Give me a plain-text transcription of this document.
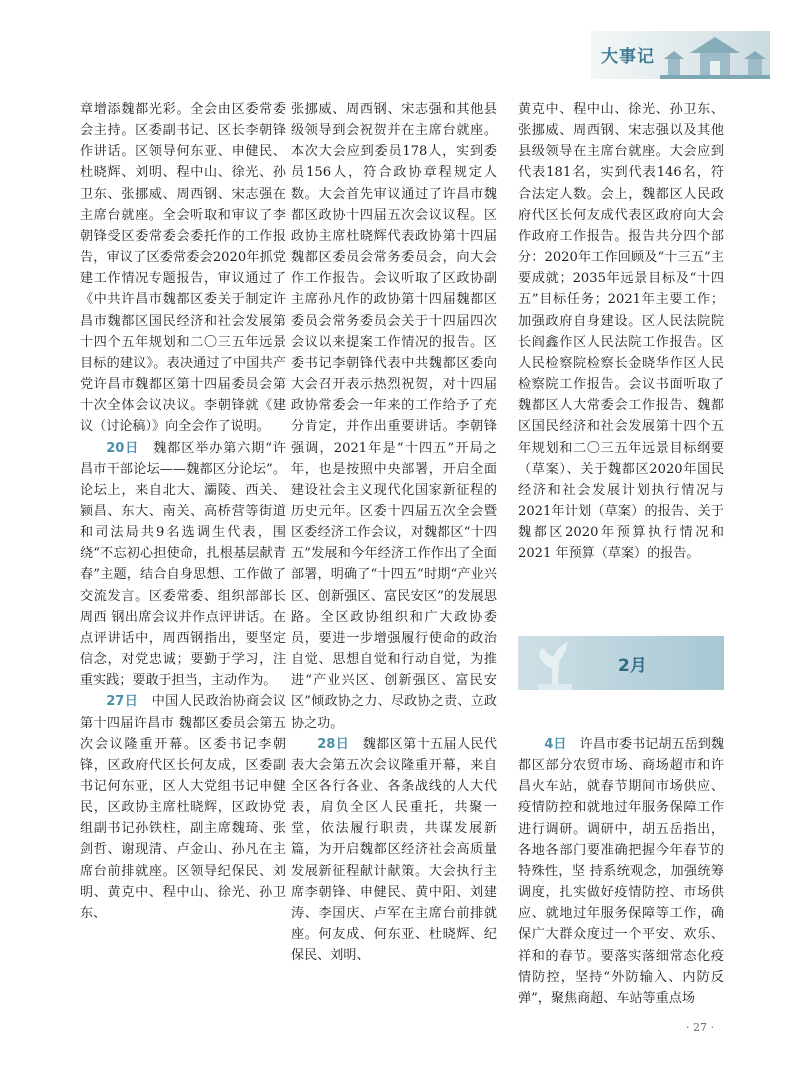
大事记

章增添魏都光彩。全会由区委常委会主持。区委副书记、区长李朝锋作讲话。区领导何东亚、申健民、杜晓辉、刘明、程中山、徐光、孙卫东、张挪威、周西钢、宋志强在主席台就座。全会听取和审议了李朝锋受区委常委会委托作的工作报告，审议了区委常委会2020年抓党建工作情况专题报告，审议通过了《中共许昌市魏都区委关于制定许昌市魏都区国民经济和社会发展第十四个五年规划和二〇三五年远景目标的建议》。表决通过了中国共产党许昌市魏都区第十四届委员会第十次全体会议决议。李朝锋就《建议（讨论稿）》向全会作了说明。

20日　魏都区举办第六期“许昌市干部论坛——魏都区分论坛”。论坛上，来自北大、灞陵、西关、颍昌、东大、南关、高桥营等街道和司法局共9名选调生代表，围绕“不忘初心担使命，扎根基层献青春”主题，结合自身思想、工作做了交流发言。区委常委、组织部部长周西 钢出席会议并作点评讲话。在点评讲话中，周西钢指出，要坚定信念，对党忠诚；要勤于学习，注重实践；要敢于担当，主动作为。

27日　中国人民政治协商会议第十四届许昌市 魏都区委员会第五次会议隆重开幕。区委书记李朝锋，区政府代区长何友成，区委副书记何东亚，区人大党组书记申健民，区政协主席杜晓辉，区政协党组副书记孙铁柱，副主席魏琦、张剑哲、谢现清、卢金山、孙凡在主席台前排就座。区领导纪保民、刘明、黄克中、程中山、徐光、孙卫东、

张挪威、周西钢、宋志强和其他县级领导到会祝贺并在主席台就座。本次大会应到委员178人，实到委员156人，符合政协章程规定人数。大会首先审议通过了许昌市魏都区政协十四届五次会议议程。区政协主席杜晓辉代表政协第十四届魏都区委员会常务委员会，向大会作工作报告。会议听取了区政协副主席孙凡作的政协第十四届魏都区委员会常务委员会关于十四届四次会议以来提案工作情况的报告。区委书记李朝锋代表中共魏都区委向大会召开表示热烈祝贺，对十四届政协常委会一年来的工作给予了充分肯定，并作出重要讲话。李朝锋强调，2021年是“十四五”开局之年，也是按照中央部署，开启全面建设社会主义现代化国家新征程的历史元年。区委十四届五次全会暨区委经济工作会议，对魏都区“十四五”发展和今年经济工作作出了全面部署，明确了“十四五”时期“产业兴区、创新强区、富民安区”的发展思路。全区政协组织和广大政协委员，要进一步增强履行使命的政治自觉、思想自觉和行动自觉，为推进“产业兴区、创新强区、富民安区”倾政协之力、尽政协之责、立政协之功。

28日　魏都区第十五届人民代表大会第五次会议隆重开幕，来自全区各行各业、各条战线的人大代表，肩负全区人民重托，共聚一堂，依法履行职责，共谋发展新篇，为开启魏都区经济社会高质量发展新征程献计献策。大会执行主席李朝锋、申健民、黄中阳、刘建涛、李国庆、卢军在主席台前排就座。何友成、何东亚、杜晓辉、纪保民、刘明、

黄克中、程中山、徐光、孙卫东、张挪威、周西钢、宋志强以及其他县级领导在主席台就座。大会应到代表181名，实到代表146名，符合法定人数。会上，魏都区人民政府代区长何友成代表区政府向大会作政府工作报告。报告共分四个部分：2020年工作回顾及“十三五”主要成就；2035年远景目标及“十四五”目标任务；2021年主要工作；加强政府自身建设。区人民法院院长阎鑫作区人民法院工作报告。区人民检察院检察长金晓华作区人民检察院工作报告。会议书面听取了魏都区人大常委会工作报告、魏都区国民经济和社会发展第十四个五年规划和二〇三五年远景目标纲要（草案）、关于魏都区2020年国民经济和社会发展计划执行情况与2021年计划（草案）的报告、关于魏都区2020年预算执行情况和2021 年预算（草案）的报告。

2月

4日　许昌市委书记胡五岳到魏都区部分农贸市场、商场超市和许昌火车站，就春节期间市场供应、疫情防控和就地过年服务保障工作进行调研。调研中，胡五岳指出，各地各部门要准确把握今年春节的特殊性，坚 持系统观念，加强统筹调度，扎实做好疫情防控、市场供应、就地过年服务保障等工作，确保广大群众度过一个平安、欢乐、祥和的春节。要落实落细常态化疫情防控，坚持“外防输入、内防反弹”，聚焦商超、车站等重点场

· 27 ·
